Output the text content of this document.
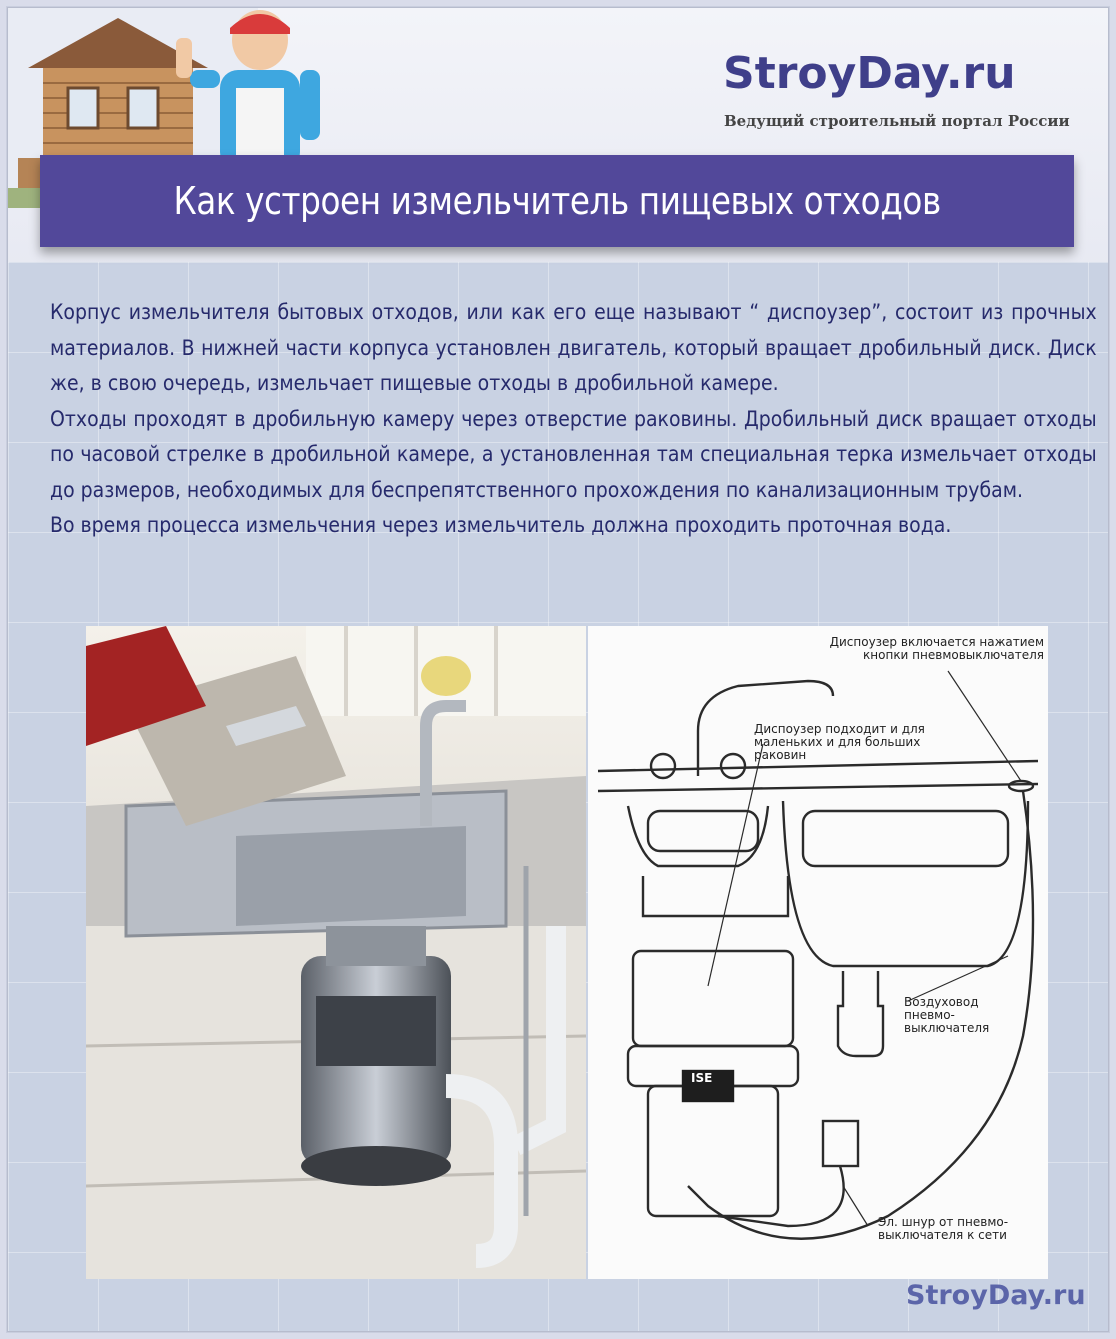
StroyDay.ru
Ведущий строительный портал России
Как устроен измельчитель пищевых отходов

Корпус измельчителя бытовых отходов, или как его еще называют “ диспоузер”, состоит из прочных материалов. В нижней части корпуса установлен двигатель, который вращает дробильный диск. Диск же, в свою очередь, измельчает пищевые отходы в дробильной камере.

Отходы проходят в дробильную камеру через отверстие раковины. Дробильный диск вращает отходы по часовой стрелке в дробильной камере, а установленная там специальная терка измельчает отходы до размеров, необходимых для беспрепятственного прохождения по канализационным трубам.

Во время процесса измельчения через измельчитель должна проходить проточная вода.

ISE
Диспоузер включается нажатием кнопки пневмовыключателя
Диспоузер подходит и для маленьких и для больших раковин
Воздуховод пневмо- выключателя
Эл. шнур от пневмо- выключателя к сети
StroyDay.ru
